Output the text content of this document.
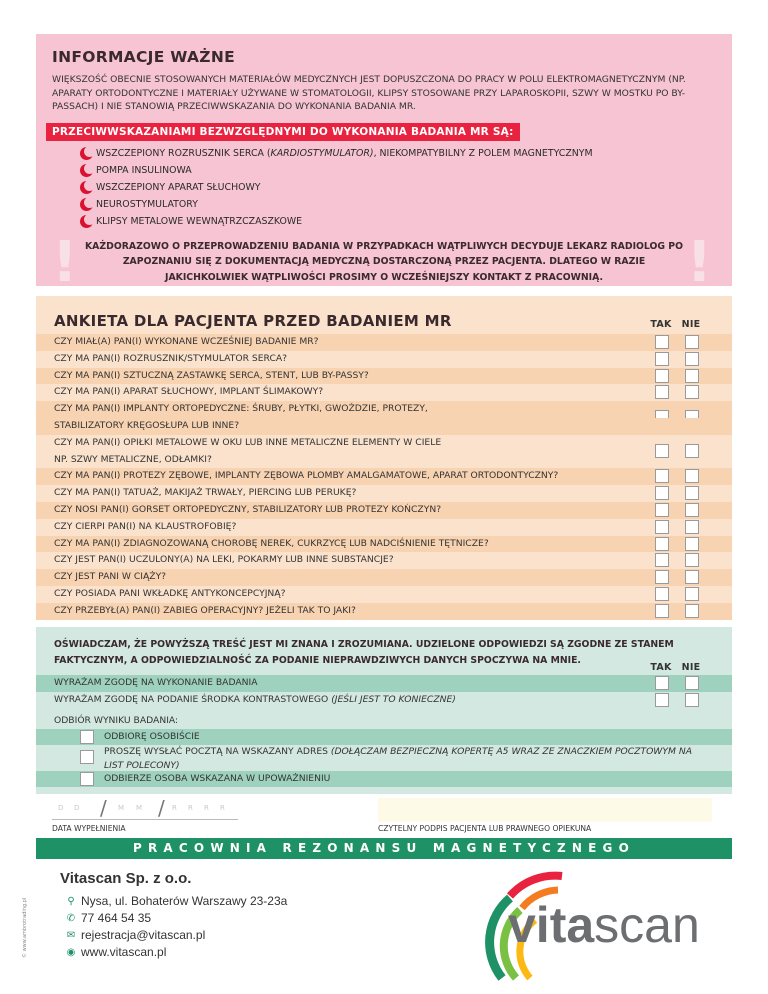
INFORMACJE WAŻNE

WIĘKSZOŚĆ OBECNIE STOSOWANYCH MATERIAŁÓW MEDYCZNYCH JEST DOPUSZCZONA DO PRACY W POLU ELEKTROMAGNETYCZNYM (NP. APARATY ORTODONTYCZNE I MATERIAŁY UŻYWANE W STOMATOLOGII, KLIPSY STOSOWANE PRZY LAPAROSKOPII, SZWY W MOSTKU PO BY-PASSACH) I NIE STANOWIĄ PRZECIWWSKAZANIA DO WYKONANIA BADANIA MR.

PRZECIWWSKAZANIAMI BEZWZGLĘDNYMI DO WYKONANIA BADANIA MR SĄ:
WSZCZEPIONY ROZRUSZNIK SERCA ( KARDIOSTYMULATOR) , NIEKOMPATYBILNY Z POLEM MAGNETYCZNYM
POMPA INSULINOWA
WSZCZEPIONY APARAT SŁUCHOWY
NEUROSTYMULATORY
KLIPSY METALOWE WEWNĄTRZCZASZKOWE
! KAŻDORAZOWO O PRZEPROWADZENIU BADANIA W PRZYPADKACH WĄTPLIWYCH DECYDUJE LEKARZ RADIOLOG PO ZAPOZNANIU SIĘ Z DOKUMENTACJĄ MEDYCZNĄ DOSTARCZONĄ PRZEZ PACJENTA. DLATEGO W RAZIE JAKICHKOLWIEK WĄTPLIWOŚCI PROSIMY O WCZEŚNIEJSZY KONTAKT Z PRACOWNIĄ.	!
ANKIETA DLA PACJENTA PRZED BADANIEM MR	TAK NIE
CZY MIAŁ(A) PAN(I) WYKONANE WCZEŚNIEJ BADANIE MR?
CZY MA PAN(I) ROZRUSZNIK/STYMULATOR SERCA?
CZY MA PAN(I) SZTUCZNĄ ZASTAWKĘ SERCA, STENT, LUB BY-PASSY?
CZY MA PAN(I) APARAT SŁUCHOWY, IMPLANT ŚLIMAKOWY?
CZY MA PAN(I) IMPLANTY ORTOPEDYCZNE: ŚRUBY, PŁYTKI, GWOŹDZIE, PROTEZY,
STABILIZATORY KRĘGOSŁUPA LUB INNE?
CZY MA PAN(I) OPIŁKI METALOWE W OKU LUB INNE METALICZNE ELEMENTY W CIELE
NP. SZWY METALICZNE, ODŁAMKI?
CZY MA PAN(I) PROTEZY ZĘBOWE, IMPLANTY ZĘBOWA PLOMBY AMALGAMATOWE, APARAT ORTODONTYCZNY?
CZY MA PAN(I) TATUAŻ, MAKIJAŻ TRWAŁY, PIERCING LUB PERUKĘ?
CZY NOSI PAN(I) GORSET ORTOPEDYCZNY, STABILIZATORY LUB PROTEZY KOŃCZYN?
CZY CIERPI PAN(I) NA KLAUSTROFOBIĘ?
CZY MA PAN(I) ZDIAGNOZOWANĄ CHOROBĘ NEREK, CUKRZYCĘ LUB NADCIŚNIENIE TĘTNICZE?
CZY JEST PAN(I) UCZULONY(A) NA LEKI, POKARMY LUB INNE SUBSTANCJE?
CZY JEST PANI W CIĄŻY?
CZY POSIADA PANI WKŁADKĘ ANTYKONCEPCYJNĄ?
CZY PRZEBYŁ(A) PAN(I) ZABIEG OPERACYJNY? JEŻELI TAK TO JAKI?

OŚWIADCZAM, ŻE POWYŻSZĄ TREŚĆ JEST MI ZNANA I ZROZUMIANA. UDZIELONE ODPOWIEDZI SĄ ZGODNE ZE STANEM FAKTYCZNYM, A ODPOWIEDZIALNOŚĆ ZA PODANIE NIEPRAWDZIWYCH DANYCH SPOCZYWA NA MNIE.

TAK NIE
WYRAŻAM ZGODĘ NA WYKONANIE BADANIA
WYRAŻAM ZGODĘ NA PODANIE ŚRODKA KONTRASTOWEGO (JEŚLI JEST TO KONIECZNE)
ODBIÓR WYNIKU BADANIA:
ODBIORĘ OSOBIŚCIE
PROSZĘ WYSŁAĆ POCZTĄ NA WSKAZANY ADRES (DOŁĄCZAM BEZPIECZNĄ KOPERTĘ A5 WRAZ ZE ZNACZKIEM POCZTOWYM NA LIST POLECONY)
ODBIERZE OSOBA WSKAZANA W UPOWAŻNIENIU
D D / M M / R R R R
DATA WYPEŁNIENIA	CZYTELNY PODPIS PACJENTA LUB PRAWNEGO OPIEKUNA
PRACOWNIA REZONANSU MAGNETYCZNEGO
Vitascan Sp. z o.o.
⚲ Nysa, ul. Bohaterów Warszawy 23-23a
✆ 77 464 54 35
✉ rejestracja@vitascan.pl
◉ www.vitascan.pl
© www.ambrotrading.pl	vitascan
